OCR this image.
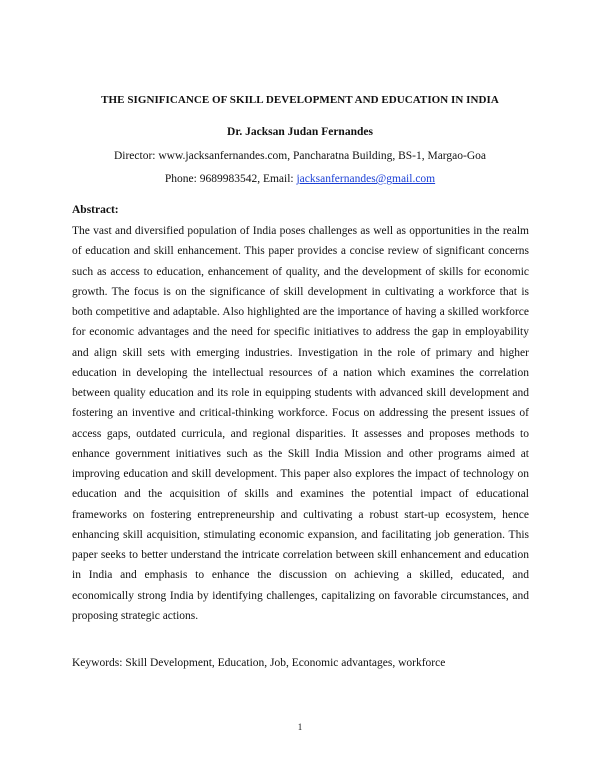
THE SIGNIFICANCE OF SKILL DEVELOPMENT AND EDUCATION IN INDIA
Dr. Jacksan Judan Fernandes
Director: www.jacksanfernandes.com, Pancharatna Building, BS-1, Margao-Goa
Phone: 9689983542, Email: jacksanfernandes@gmail.com
Abstract:

The vast and diversified population of India poses challenges as well as opportunities in the realm of education and skill enhancement. This paper provides a concise review of significant concerns such as access to education, enhancement of quality, and the development of skills for economic growth. The focus is on the significance of skill development in cultivating a workforce that is both competitive and adaptable. Also highlighted are the importance of having a skilled workforce for economic advantages and the need for specific initiatives to address the gap in employability and align skill sets with emerging industries. Investigation in the role of primary and higher education in developing the intellectual resources of a nation which examines the correlation between quality education and its role in equipping students with advanced skill development and fostering an inventive and critical-thinking workforce. Focus on addressing the present issues of access gaps, outdated curricula, and regional disparities. It assesses and proposes methods to enhance government initiatives such as the Skill India Mission and other programs aimed at improving education and skill development. This paper also explores the impact of technology on education and the acquisition of skills and examines the potential impact of educational frameworks on fostering entrepreneurship and cultivating a robust start-up ecosystem, hence enhancing skill acquisition, stimulating economic expansion, and facilitating job generation. This paper seeks to better understand the intricate correlation between skill enhancement and education in India and emphasis to enhance the discussion on achieving a skilled, educated, and economically strong India by identifying challenges, capitalizing on favorable circumstances, and proposing strategic actions.

Keywords: Skill Development, Education, Job, Economic advantages, workforce
1
